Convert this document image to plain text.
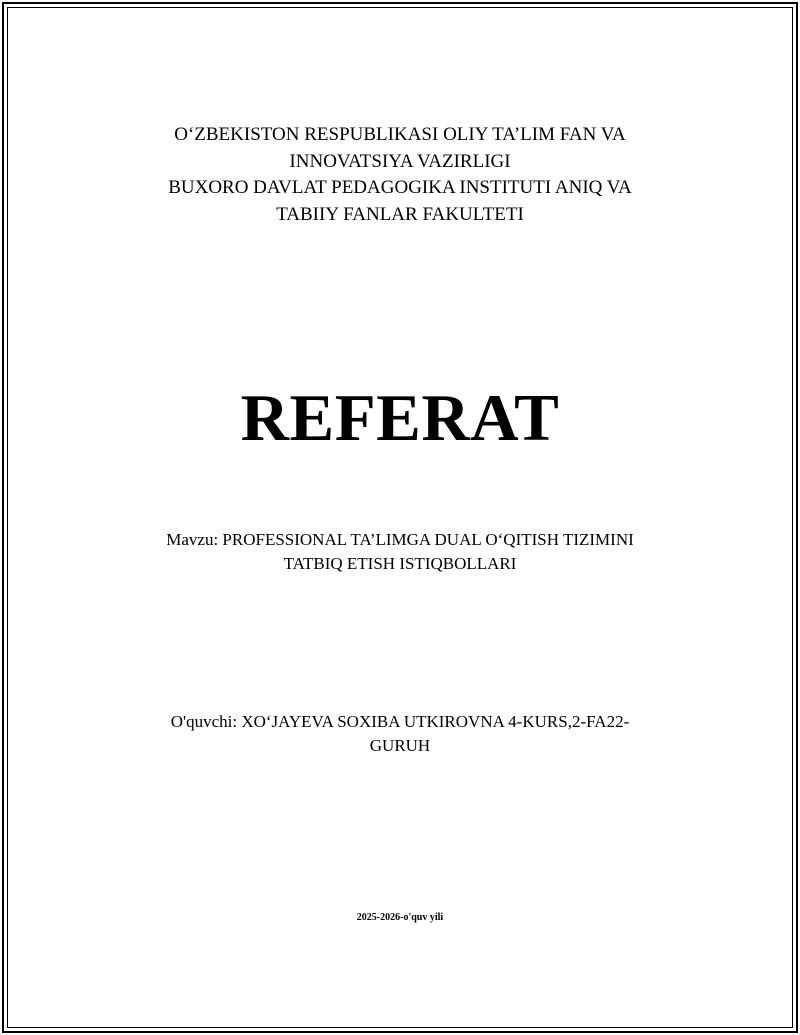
O‘ZBEKISTON RESPUBLIKASI OLIY TA’LIM FAN VA
INNOVATSIYA VAZIRLIGI
BUXORO DAVLAT PEDAGOGIKA INSTITUTI ANIQ VA
TABIIY FANLAR FAKULTETI
REFERAT
Mavzu: PROFESSIONAL TA’LIMGA DUAL O‘QITISH TIZIMINI
TATBIQ ETISH ISTIQBOLLARI
O'quvchi: XO‘JAYEVA SOXIBA UTKIROVNA 4-KURS,2-FA22-
GURUH
2025-2026-o'quv yili
